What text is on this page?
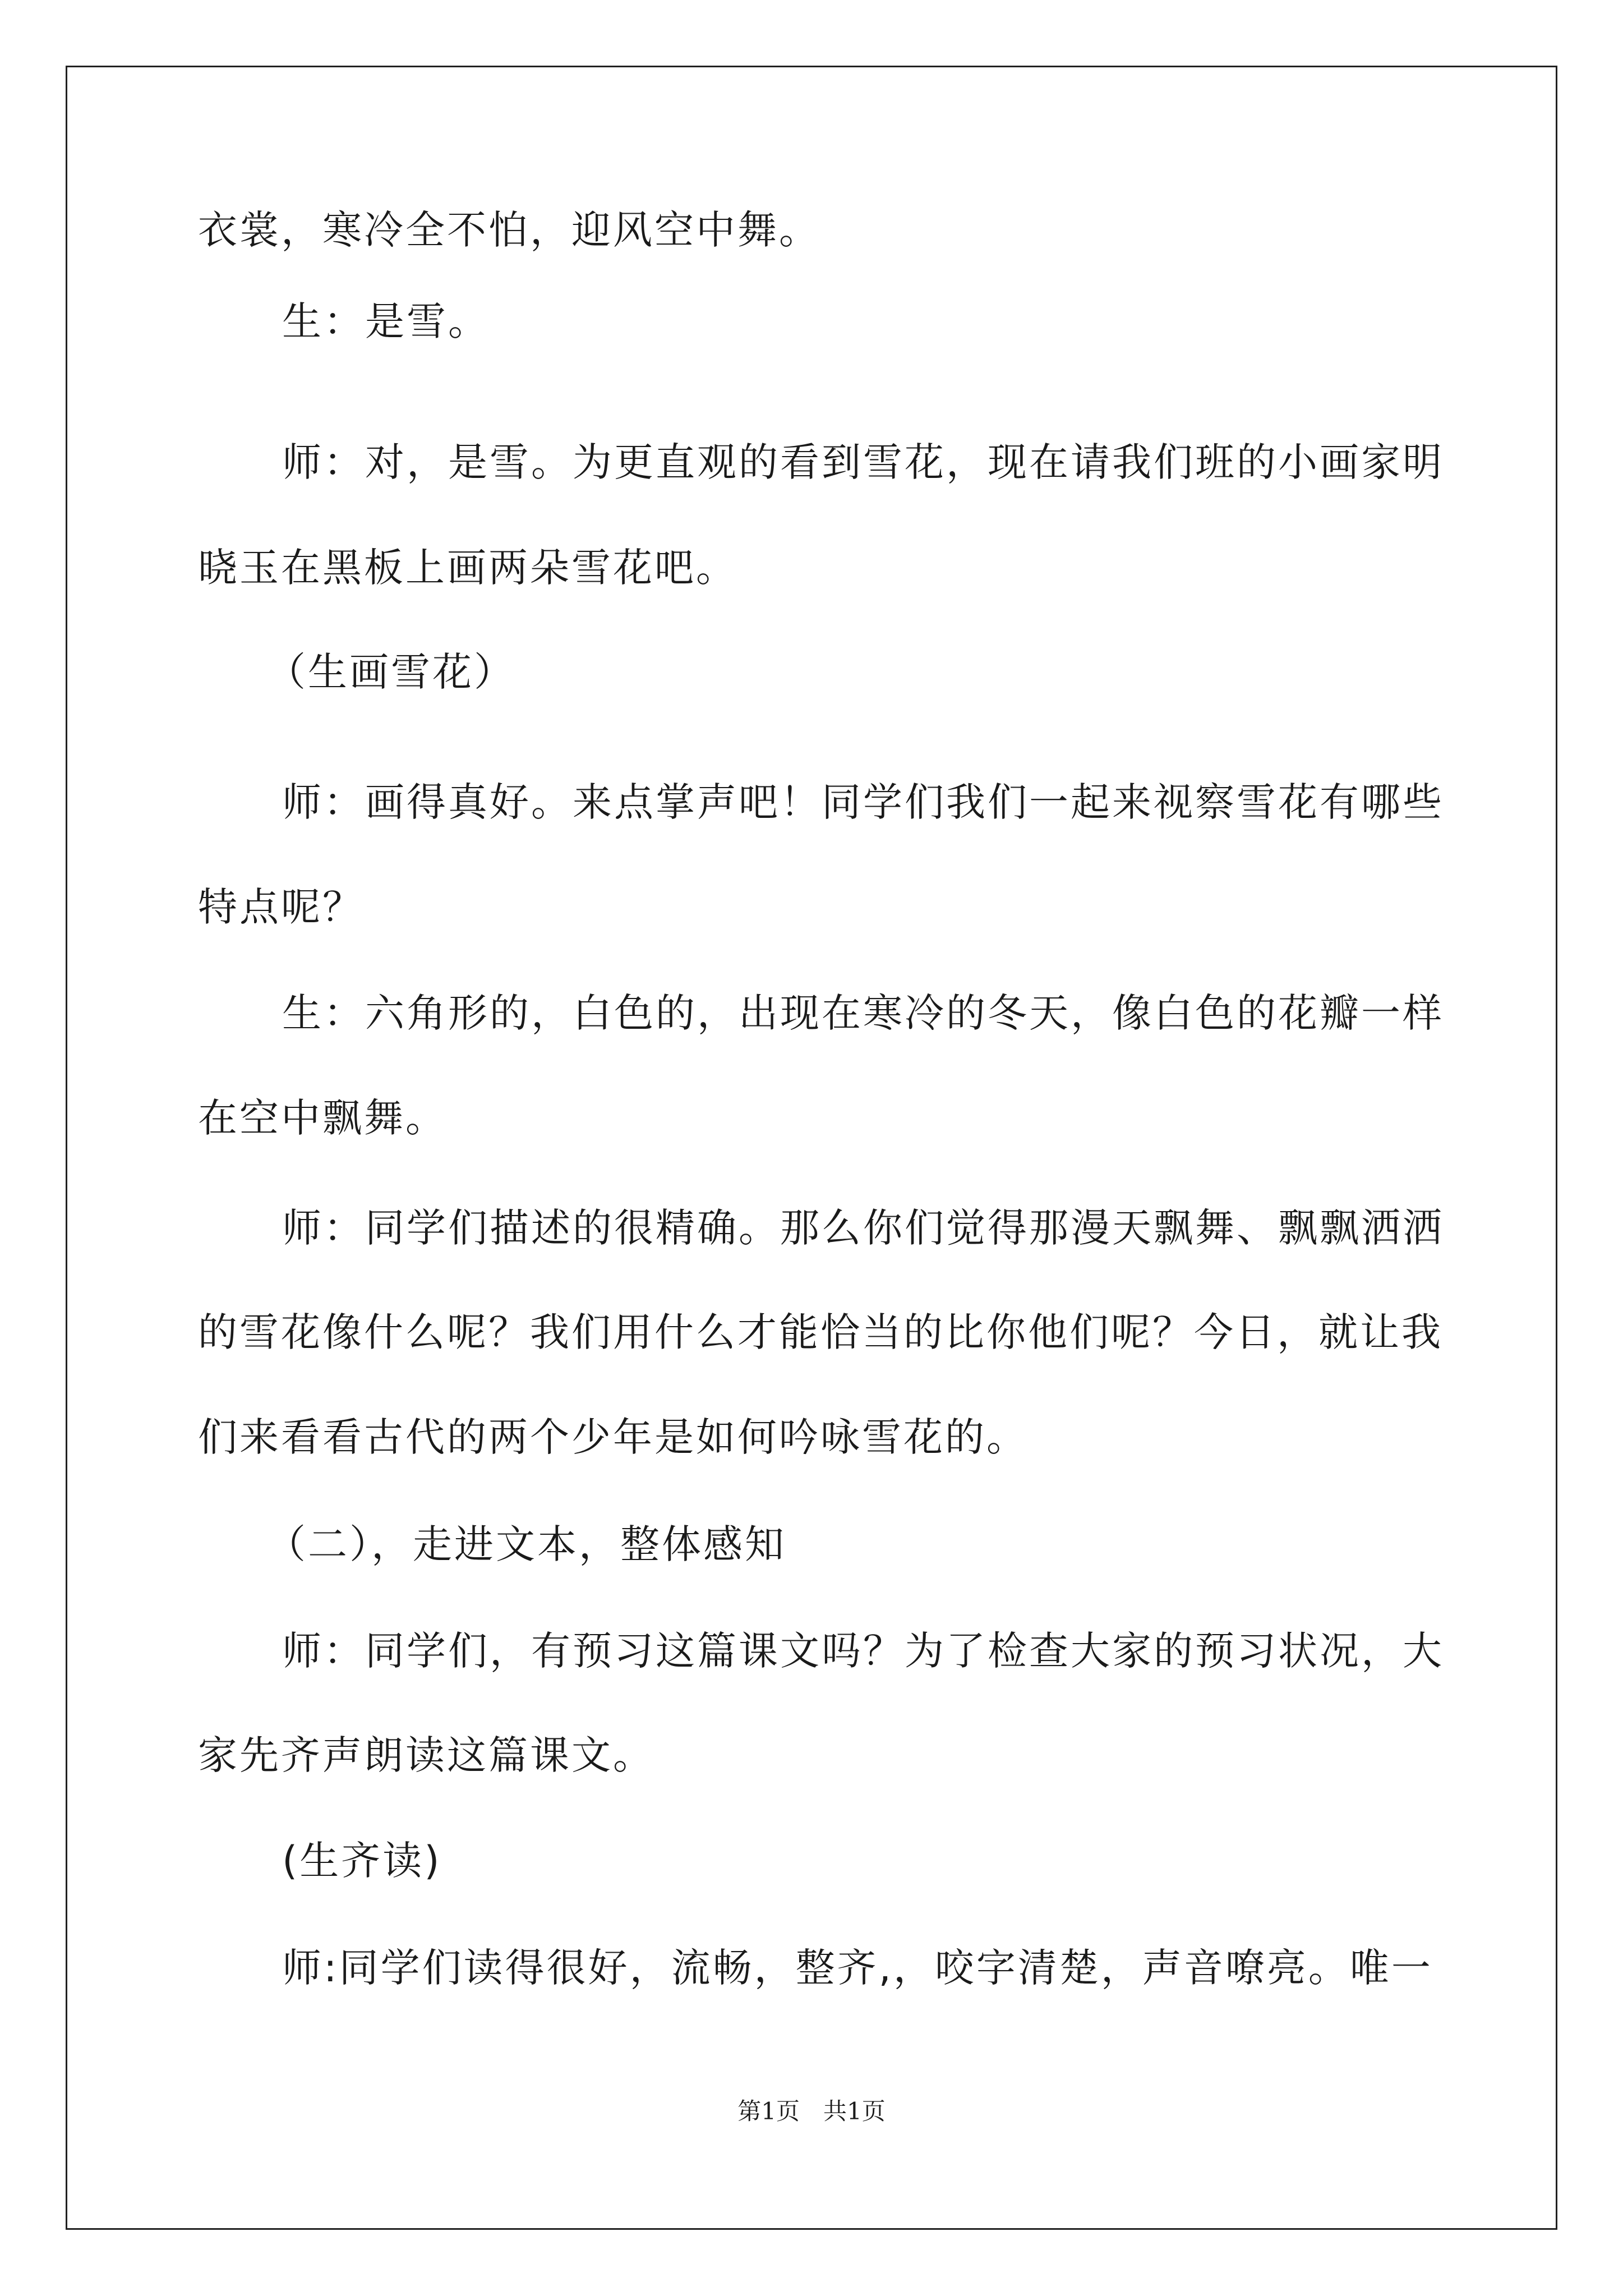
衣裳，寒冷全不怕，迎风空中舞。
生：是雪。
师：对，是雪。为更直观的看到雪花，现在请我们班的小画家明
晓玉在黑板上画两朵雪花吧。
（生画雪花）
师：画得真好。来点掌声吧！同学们我们一起来视察雪花有哪些
特点呢？
生：六角形的，白色的，出现在寒冷的冬天，像白色的花瓣一样
在空中飘舞。
师：同学们描述的很精确。那么你们觉得那漫天飘舞、飘飘洒洒
的雪花像什么呢？我们用什么才能恰当的比你他们呢？今日，就让我
们来看看古代的两个少年是如何吟咏雪花的。
（二），走进文本，整体感知
师：同学们，有预习这篇课文吗？为了检查大家的预习状况，大
家先齐声朗读这篇课文。
(生齐读)
师:同学们读得很好，流畅，整齐,，咬字清楚，声音嘹亮。唯一
第1页　共1页
